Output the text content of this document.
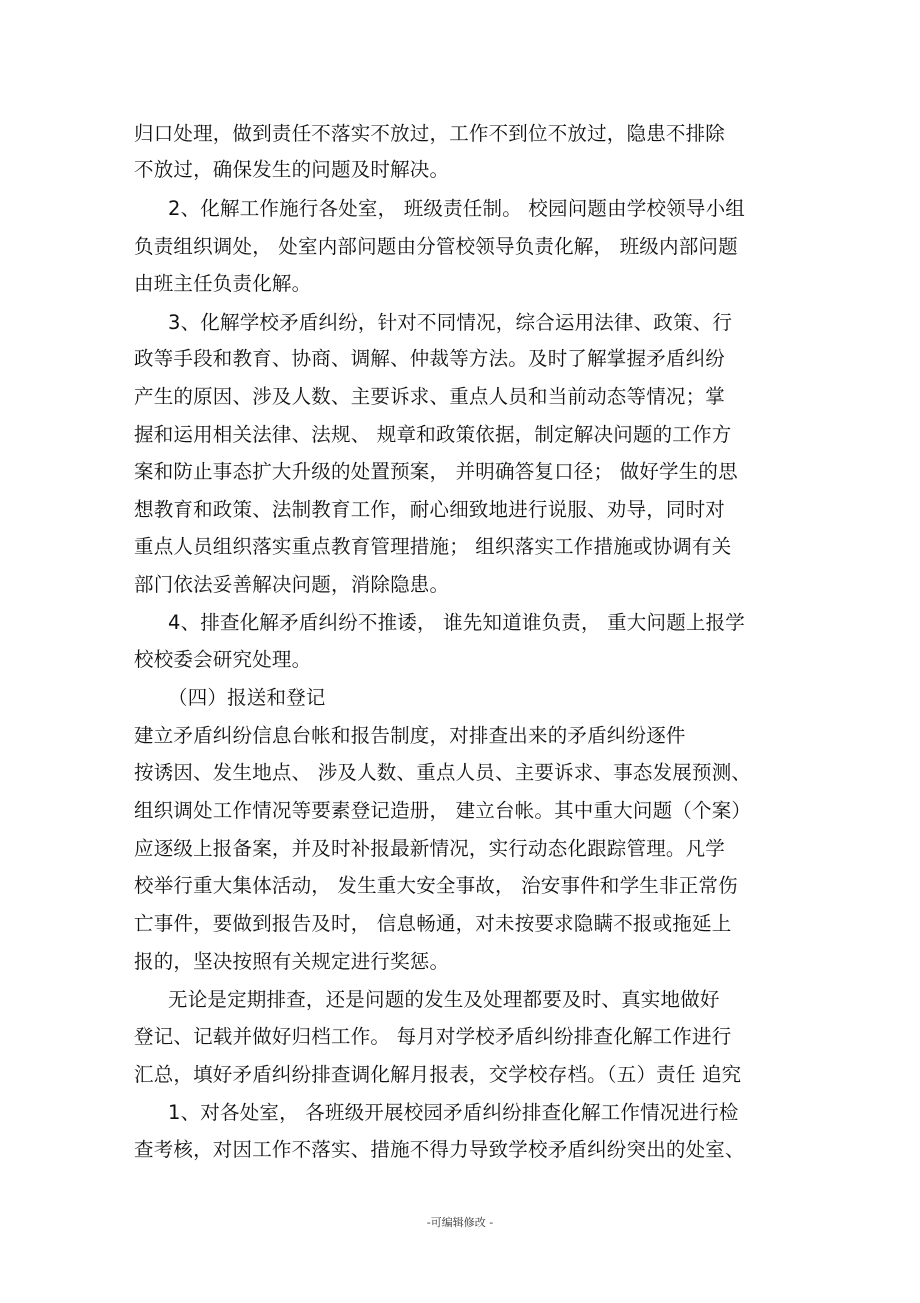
归口处理，做到责任不落实不放过，工作不到位不放过，隐患不排除
不放过，确保发生的问题及时解决。
2、化解工作施行各处室， 班级责任制。 校园问题由学校领导小组
负责组织调处， 处室内部问题由分管校领导负责化解， 班级内部问题
由班主任负责化解。
3、化解学校矛盾纠纷，针对不同情况，综合运用法律、政策、行
政等手段和教育、协商、调解、仲裁等方法。及时了解掌握矛盾纠纷
产生的原因、涉及人数、主要诉求、重点人员和当前动态等情况；掌
握和运用相关法律、法规、 规章和政策依据，制定解决问题的工作方
案和防止事态扩大升级的处置预案， 并明确答复口径； 做好学生的思
想教育和政策、法制教育工作，耐心细致地进行说服、劝导，同时对
重点人员组织落实重点教育管理措施； 组织落实工作措施或协调有关
部门依法妥善解决问题，消除隐患。
4、排查化解矛盾纠纷不推诿， 谁先知道谁负责， 重大问题上报学
校校委会研究处理。
（四）报送和登记
建立矛盾纠纷信息台帐和报告制度，对排查出来的矛盾纠纷逐件
按诱因、发生地点、 涉及人数、重点人员、主要诉求、事态发展预测、
组织调处工作情况等要素登记造册， 建立台帐。其中重大问题（个案）
应逐级上报备案，并及时补报最新情况，实行动态化跟踪管理。凡学
校举行重大集体活动， 发生重大安全事故， 治安事件和学生非正常伤
亡事件，要做到报告及时， 信息畅通，对未按要求隐瞒不报或拖延上
报的，坚决按照有关规定进行奖惩。
无论是定期排查，还是问题的发生及处理都要及时、真实地做好
登记、记载并做好归档工作。 每月对学校矛盾纠纷排查化解工作进行
汇总，填好矛盾纠纷排查调化解月报表，交学校存档。（五）责任 追究
1、对各处室， 各班级开展校园矛盾纠纷排查化解工作情况进行检
查考核，对因工作不落实、措施不得力导致学校矛盾纠纷突出的处室、
-可编辑修改 -
